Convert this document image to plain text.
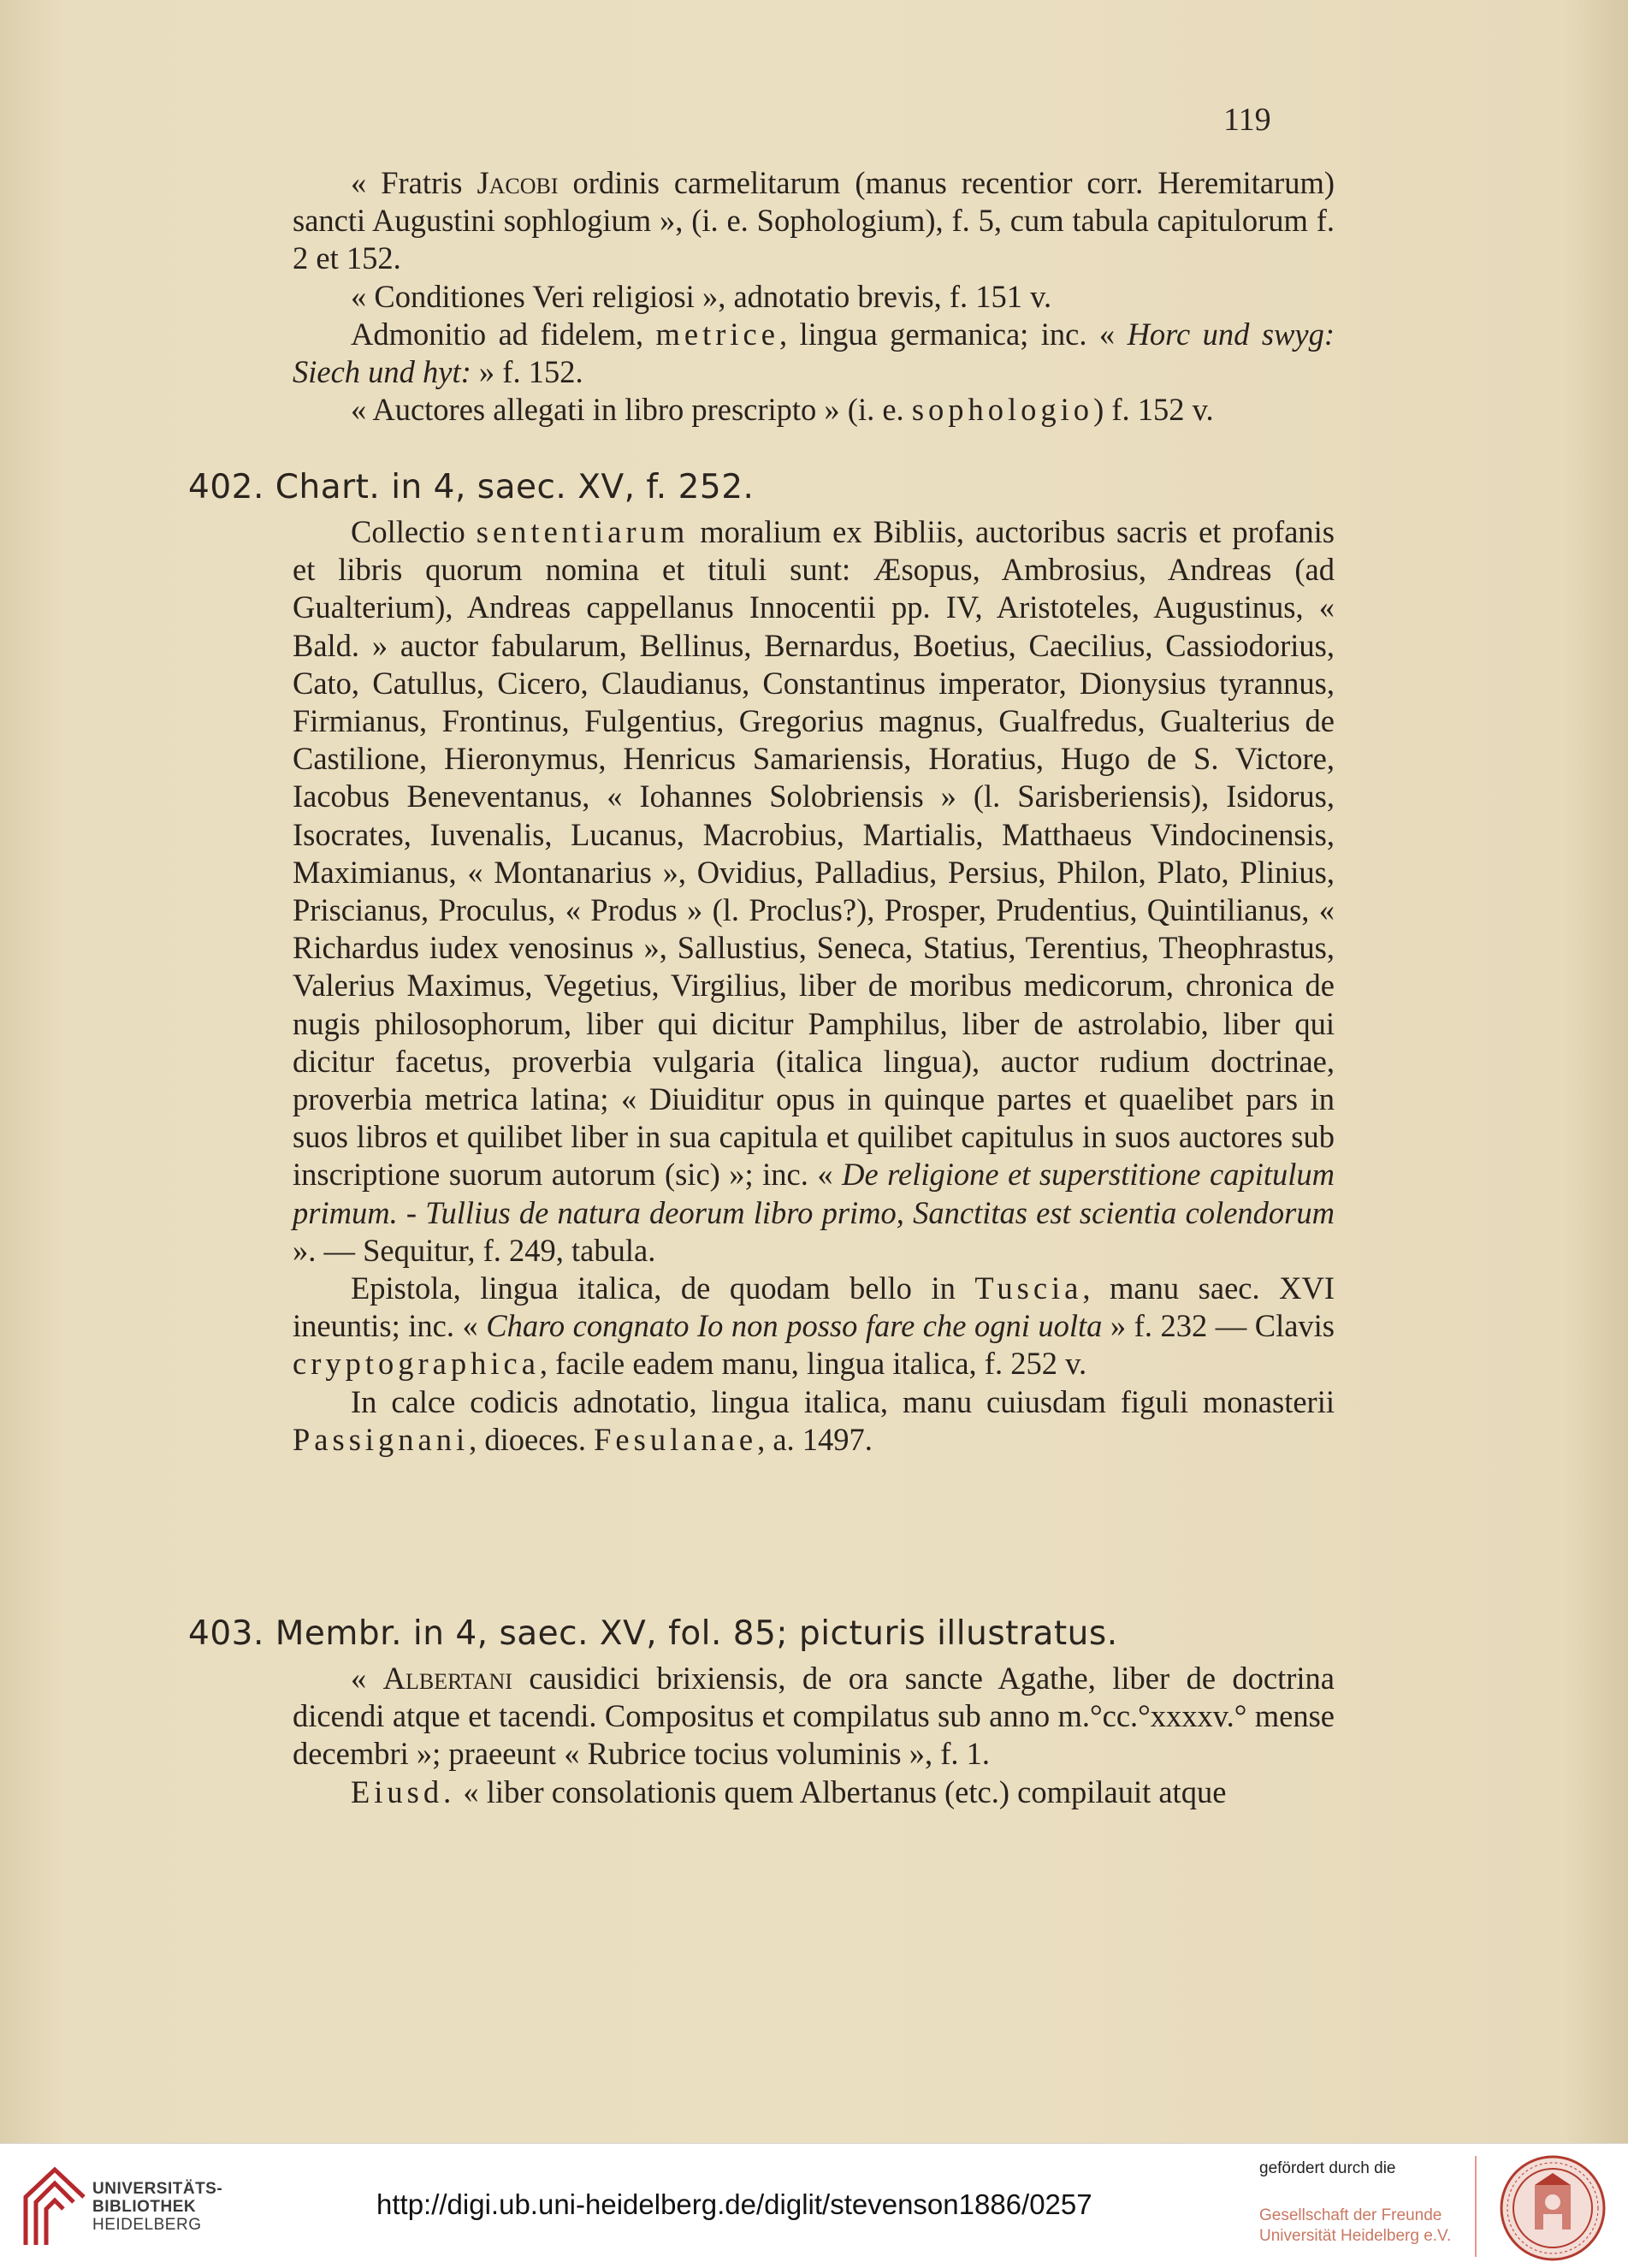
119

« Fratris Jacobi ordinis carmelitarum (manus recentior corr. Heremitarum) sancti Augustini sophlogium », (i. e. Sophologium), f. 5, cum tabula capitulorum f. 2 et 152.

« Conditiones Veri religiosi », adnotatio brevis, f. 151 v.

Admonitio ad fidelem, metrice, lingua germanica; inc. « Horc und swyg: Siech und hyt: » f. 152.

« Auctores allegati in libro prescripto » (i. e. sophologio) f. 152 v.

402. Chart. in 4, saec. XV, f. 252.

Collectio sententiarum moralium ex Bibliis, auctoribus sacris et profanis et libris quorum nomina et tituli sunt: Æsopus, Ambrosius, Andreas (ad Gualterium), Andreas cappellanus Innocentii pp. IV, Aristoteles, Augustinus, « Bald. » auctor fabularum, Bellinus, Bernardus, Boetius, Caecilius, Cassiodorius, Cato, Catullus, Cicero, Claudianus, Constantinus imperator, Dionysius tyrannus, Firmianus, Frontinus, Fulgentius, Gregorius magnus, Gualfredus, Gualterius de Castilione, Hieronymus, Henricus Samariensis, Horatius, Hugo de S. Victore, Iacobus Beneventanus, « Iohannes Solobriensis » (l. Sarisberiensis), Isidorus, Isocrates, Iuvenalis, Lucanus, Macrobius, Martialis, Matthaeus Vindocinensis, Maximianus, « Montanarius », Ovidius, Palladius, Persius, Philon, Plato, Plinius, Priscianus, Proculus, « Produs » (l. Proclus?), Prosper, Prudentius, Quintilianus, « Richardus iudex venosinus », Sallustius, Seneca, Statius, Terentius, Theophrastus, Valerius Maximus, Vegetius, Virgilius, liber de moribus medicorum, chronica de nugis philosophorum, liber qui dicitur Pamphilus, liber de astrolabio, liber qui dicitur facetus, proverbia vulgaria (italica lingua), auctor rudium doctrinae, proverbia metrica latina; « Diuiditur opus in quinque partes et quaelibet pars in suos libros et quilibet liber in sua capitula et quilibet capitulus in suos auctores sub inscriptione suorum autorum (sic) »; inc. « De religione et superstitione capitulum primum. - Tullius de natura deorum libro primo, Sanctitas est scientia colendorum ». — Sequitur, f. 249, tabula.

Epistola, lingua italica, de quodam bello in Tuscia, manu saec. XVI ineuntis; inc. « Charo congnato Io non posso fare che ogni uolta » f. 232 — Clavis cryptographica, facile eadem manu, lingua italica, f. 252 v.

In calce codicis adnotatio, lingua italica, manu cuiusdam figuli monasterii Passignani, dioeces. Fesulanae, a. 1497.

403. Membr. in 4, saec. XV, fol. 85; picturis illustratus.

« Albertani causidici brixiensis, de ora sancte Agathe, liber de doctrina dicendi atque et tacendi. Compositus et compilatus sub anno m.°cc.°xxxxv.° mense decembri »; praeeunt « Rubrice tocius voluminis », f. 1.

Eiusd. « liber consolationis quem Albertanus (etc.) compilauit atque

UNIVERSITÄTS-
BIBLIOTHEK
HEIDELBERG
http://digi.ub.uni-heidelberg.de/diglit/stevenson1886/0257
gefördert durch die
Gesellschaft der Freunde
Universität Heidelberg e.V.
